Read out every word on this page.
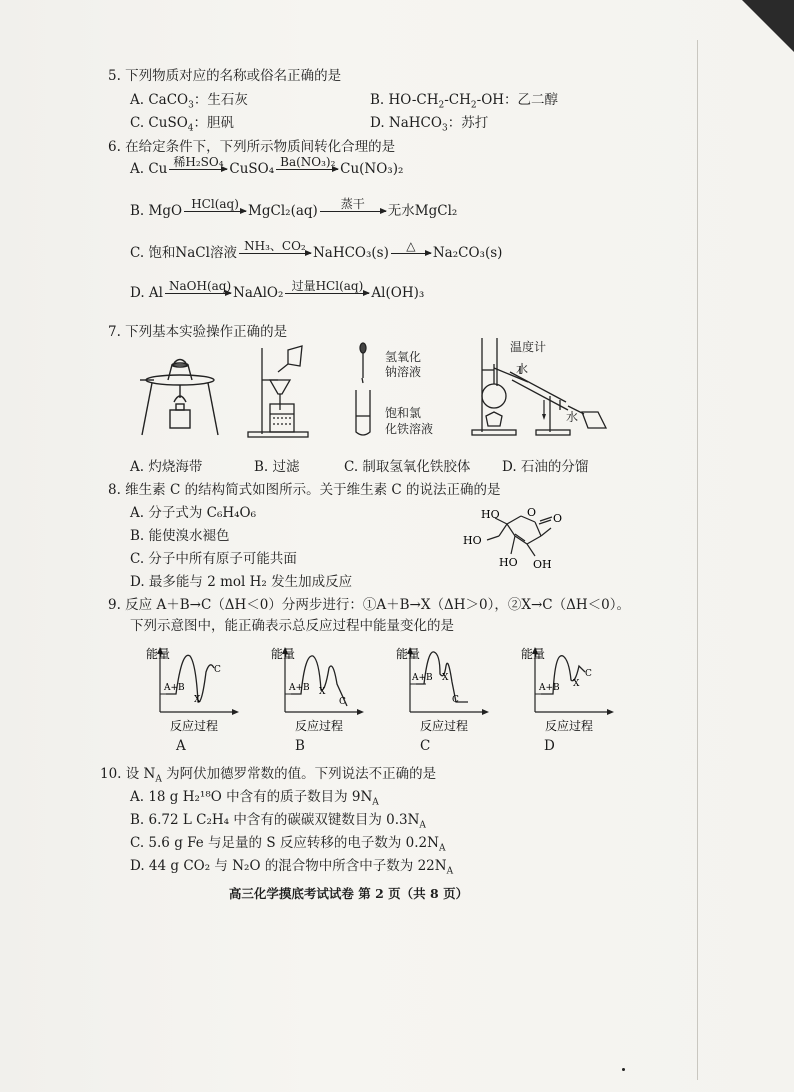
5. 下列物质对应的名称或俗名正确的是
A. CaCO$_3$：生石灰	B. $HO-CH_2-CH_2-OH$：乙二醇
C. CuSO$_4$：胆矾	D. NaHCO$_3$：苏打
6. 在给定条件下，下列所示物质间转化合理的是
A. Cu 稀H₂SO₄ CuSO₄ Ba(NO₃)₂ Cu(NO₃)₂
B. MgO HCl(aq) MgCl₂(aq)	蒸干	无水MgCl₂
C. 饱和NaCl溶液 NH₃、CO₂ NaHCO₃(s)	△	Na₂CO₃(s)
D. Al NaOH(aq) NaAlO₂ 过量HCl(aq) Al(OH)₃
7. 下列基本实验操作正确的是
氢氧化
钠溶液
饱和氯
化铁溶液
温度计
水
水
A. 灼烧海带	B. 过滤	C. 制取氢氧化铁胶体 D. 石油的分馏
8. 维生素 C 的结构简式如图所示。关于维生素 C 的说法正确的是
A. 分子式为 C₆H₄O₆
B. 能使溴水褪色
C. 分子中所有原子可能共面
D. 最多能与 2 mol H₂ 发生加成反应
HO
HO
HO OH
O O
9. 反应 A＋B→C（ΔH＜0）分两步进行：①A＋B→X（ΔH＞0），②X→C（ΔH＜0）。
下列示意图中，能正确表示总反应过程中能量变化的是
能量
反应过程
A+B
X
C
能量
反应过程
A+B X
C
能量
反应过程
A+B X
C
能量
反应过程
A+B X
C
A	B	C	D
10. 设 $N_A$ 为阿伏加德罗常数的值。下列说法不正确的是
A. 18 g H₂¹⁸O 中含有的质子数目为 $9N_A$
B. 6.72 L C₂H₄ 中含有的碳碳双键数目为 $0.3N_A$
C. 5.6 g Fe 与足量的 S 反应转移的电子数为 $0.2N_A$
D. 44 g CO₂ 与 N₂O 的混合物中所含中子数为 $22N_A$
高三化学摸底考试试卷 第 2 页（共 8 页）
